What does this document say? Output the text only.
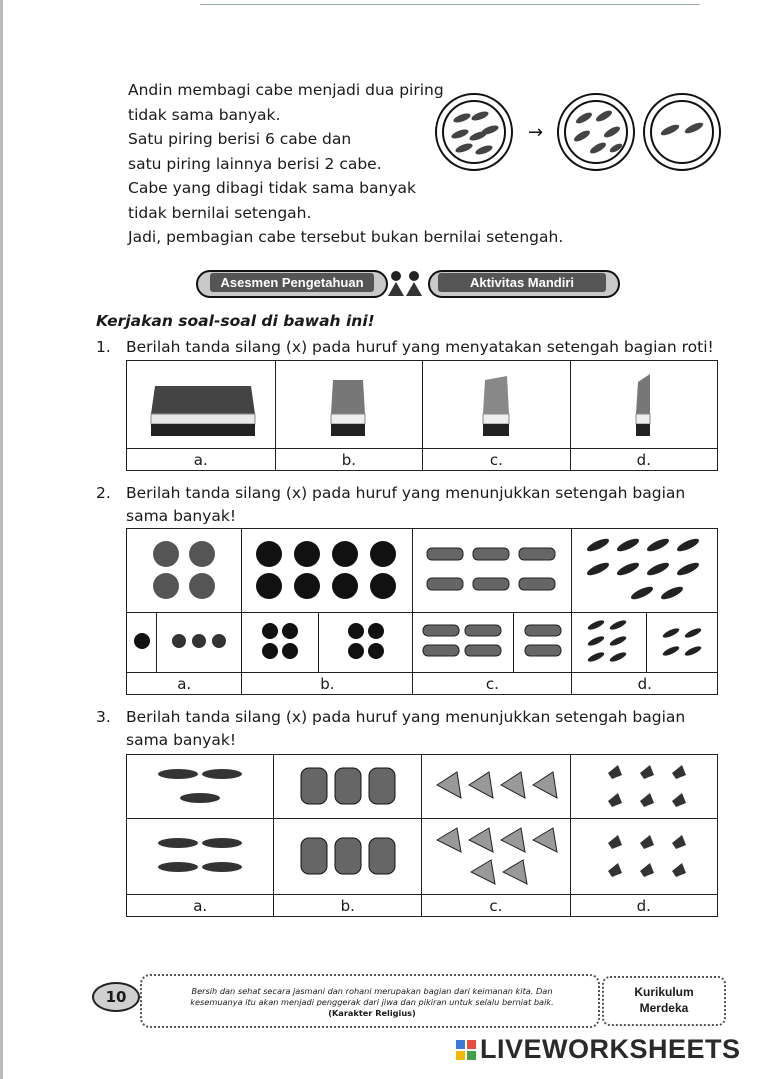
Andin membagi cabe menjadi dua piring
tidak sama banyak.
Satu piring berisi 6 cabe dan
satu piring lainnya berisi 2 cabe.
Cabe yang dibagi tidak sama banyak
tidak bernilai setengah.
Jadi, pembagian cabe tersebut bukan bernilai setengah.
→
Asesmen Pengetahuan	Aktivitas Mandiri
Kerjakan soal-soal di bawah ini!
1. Berilah tanda silang (x) pada huruf yang menyatakan setengah bagian roti!

a.	b.	c.	d.
2. Berilah tanda silang (x) pada huruf yang menunjukkan setengah bagian sama banyak!

a.		b.		c.		d.	
3. Berilah tanda silang (x) pada huruf yang menunjukkan setengah bagian sama banyak!

a.	b.	c.	d.
10	Bersih dan sehat secara jasmani dan rohani merupakan bagian dari keimanan kita. Dan
kesemuanya itu akan menjadi penggerak dari jiwa dan pikiran untuk selalu berniat baik.
(Karakter Religius)
Kurikulum
Merdeka
LIVEWORKSHEETS
